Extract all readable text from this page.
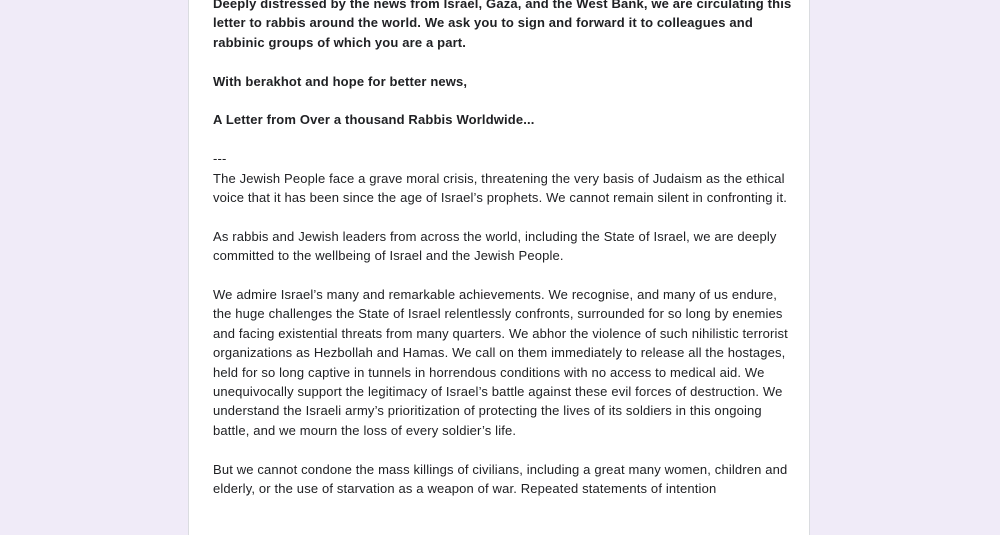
Deeply distressed by the news from Israel, Gaza, and the West Bank, we are circulating this letter to rabbis around the world. We ask you to sign and forward it to colleagues and rabbinic groups of which you are a part.

With berakhot and hope for better news,

A Letter from Over a thousand Rabbis Worldwide...

---

The Jewish People face a grave moral crisis, threatening the very basis of Judaism as the ethical voice that it has been since the age of Israel’s prophets. We cannot remain silent in confronting it.

As rabbis and Jewish leaders from across the world, including the State of Israel, we are deeply committed to the wellbeing of Israel and the Jewish People.

We admire Israel’s many and remarkable achievements. We recognise, and many of us endure, the huge challenges the State of Israel relentlessly confronts, surrounded for so long by enemies and facing existential threats from many quarters. We abhor the violence of such nihilistic terrorist organizations as Hezbollah and Hamas. We call on them immediately to release all the hostages, held for so long captive in tunnels in horrendous conditions with no access to medical aid. We unequivocally support the legitimacy of Israel’s battle against these evil forces of destruction. We understand the Israeli army’s prioritization of protecting the lives of its soldiers in this ongoing battle, and we mourn the loss of every soldier’s life.

But we cannot condone the mass killings of civilians, including a great many women, children and elderly, or the use of starvation as a weapon of war. Repeated statements of intention
